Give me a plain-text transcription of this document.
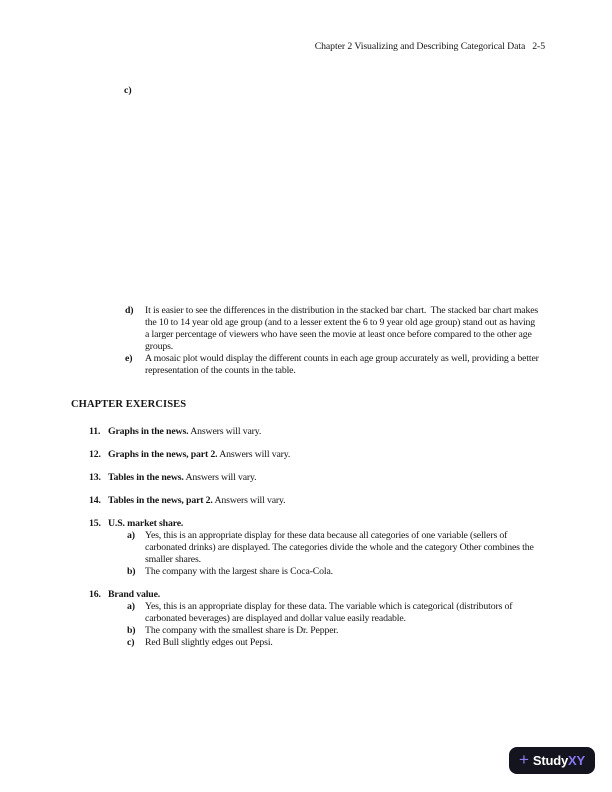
Chapter 2 Visualizing and Describing Categorical Data   2-5
c)
d) It is easier to see the differences in the distribution in the stacked bar chart.  The stacked bar chart makes the 10 to 14 year old age group (and to a lesser extent the 6 to 9 year old age group) stand out as having a larger percentage of viewers who have seen the movie at least once before compared to the other age groups.
e) A mosaic plot would display the different counts in each age group accurately as well, providing a better representation of the counts in the table.
CHAPTER EXERCISES
11. Graphs in the news. Answers will vary.
12. Graphs in the news, part 2. Answers will vary.
13. Tables in the news. Answers will vary.
14. Tables in the news, part 2. Answers will vary.
15. U.S. market share.
a) Yes, this is an appropriate display for these data because all categories of one variable (sellers of carbonated drinks) are displayed. The categories divide the whole and the category Other combines the smaller shares.
b) The company with the largest share is Coca-Cola.
16. Brand value.
a) Yes, this is an appropriate display for these data. The variable which is categorical (distributors of carbonated beverages) are displayed and dollar value easily readable.
b) The company with the smallest share is Dr. Pepper.
c) Red Bull slightly edges out Pepsi.
+ StudyXY
